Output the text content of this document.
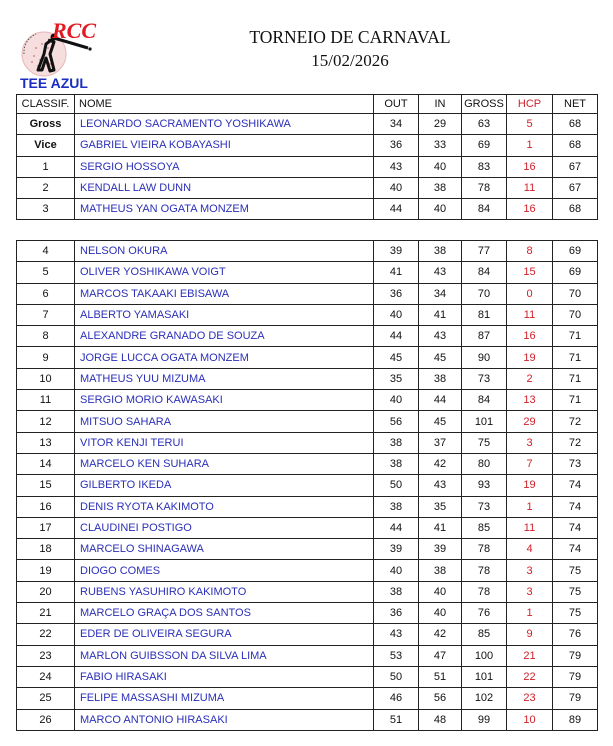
RCC	TORNEIO DE CARNAVAL
15/02/2026
TEE AZUL
CLASSIF.	NOME	OUT	IN	GROSS	HCP	NET
Gross	LEONARDO SACRAMENTO YOSHIKAWA	34	29	63	5	68
Vice	GABRIEL VIEIRA KOBAYASHI	36	33	69	1	68
1	SERGIO HOSSOYA	43	40	83	16	67
2	KENDALL LAW DUNN	40	38	78	11	67
3	MATHEUS YAN OGATA MONZEM	44	40	84	16	68
4	NELSON OKURA	39	38	77	8	69
5	OLIVER YOSHIKAWA VOIGT	41	43	84	15	69
6	MARCOS TAKAAKI EBISAWA	36	34	70	0	70
7	ALBERTO YAMASAKI	40	41	81	11	70
8	ALEXANDRE GRANADO DE SOUZA	44	43	87	16	71
9	JORGE LUCCA OGATA MONZEM	45	45	90	19	71
10	MATHEUS YUU MIZUMA	35	38	73	2	71
11	SERGIO MORIO KAWASAKI	40	44	84	13	71
12	MITSUO SAHARA	56	45	101	29	72
13	VITOR KENJI TERUI	38	37	75	3	72
14	MARCELO KEN SUHARA	38	42	80	7	73
15	GILBERTO IKEDA	50	43	93	19	74
16	DENIS RYOTA KAKIMOTO	38	35	73	1	74
17	CLAUDINEI POSTIGO	44	41	85	11	74
18	MARCELO SHINAGAWA	39	39	78	4	74
19	DIOGO COMES	40	38	78	3	75
20	RUBENS YASUHIRO KAKIMOTO	38	40	78	3	75
21	MARCELO GRAÇA DOS SANTOS	36	40	76	1	75
22	EDER DE OLIVEIRA SEGURA	43	42	85	9	76
23	MARLON GUIBSSON DA SILVA LIMA	53	47	100	21	79
24	FABIO HIRASAKI	50	51	101	22	79
25	FELIPE MASSASHI MIZUMA	46	56	102	23	79
26	MARCO ANTONIO HIRASAKI	51	48	99	10	89
